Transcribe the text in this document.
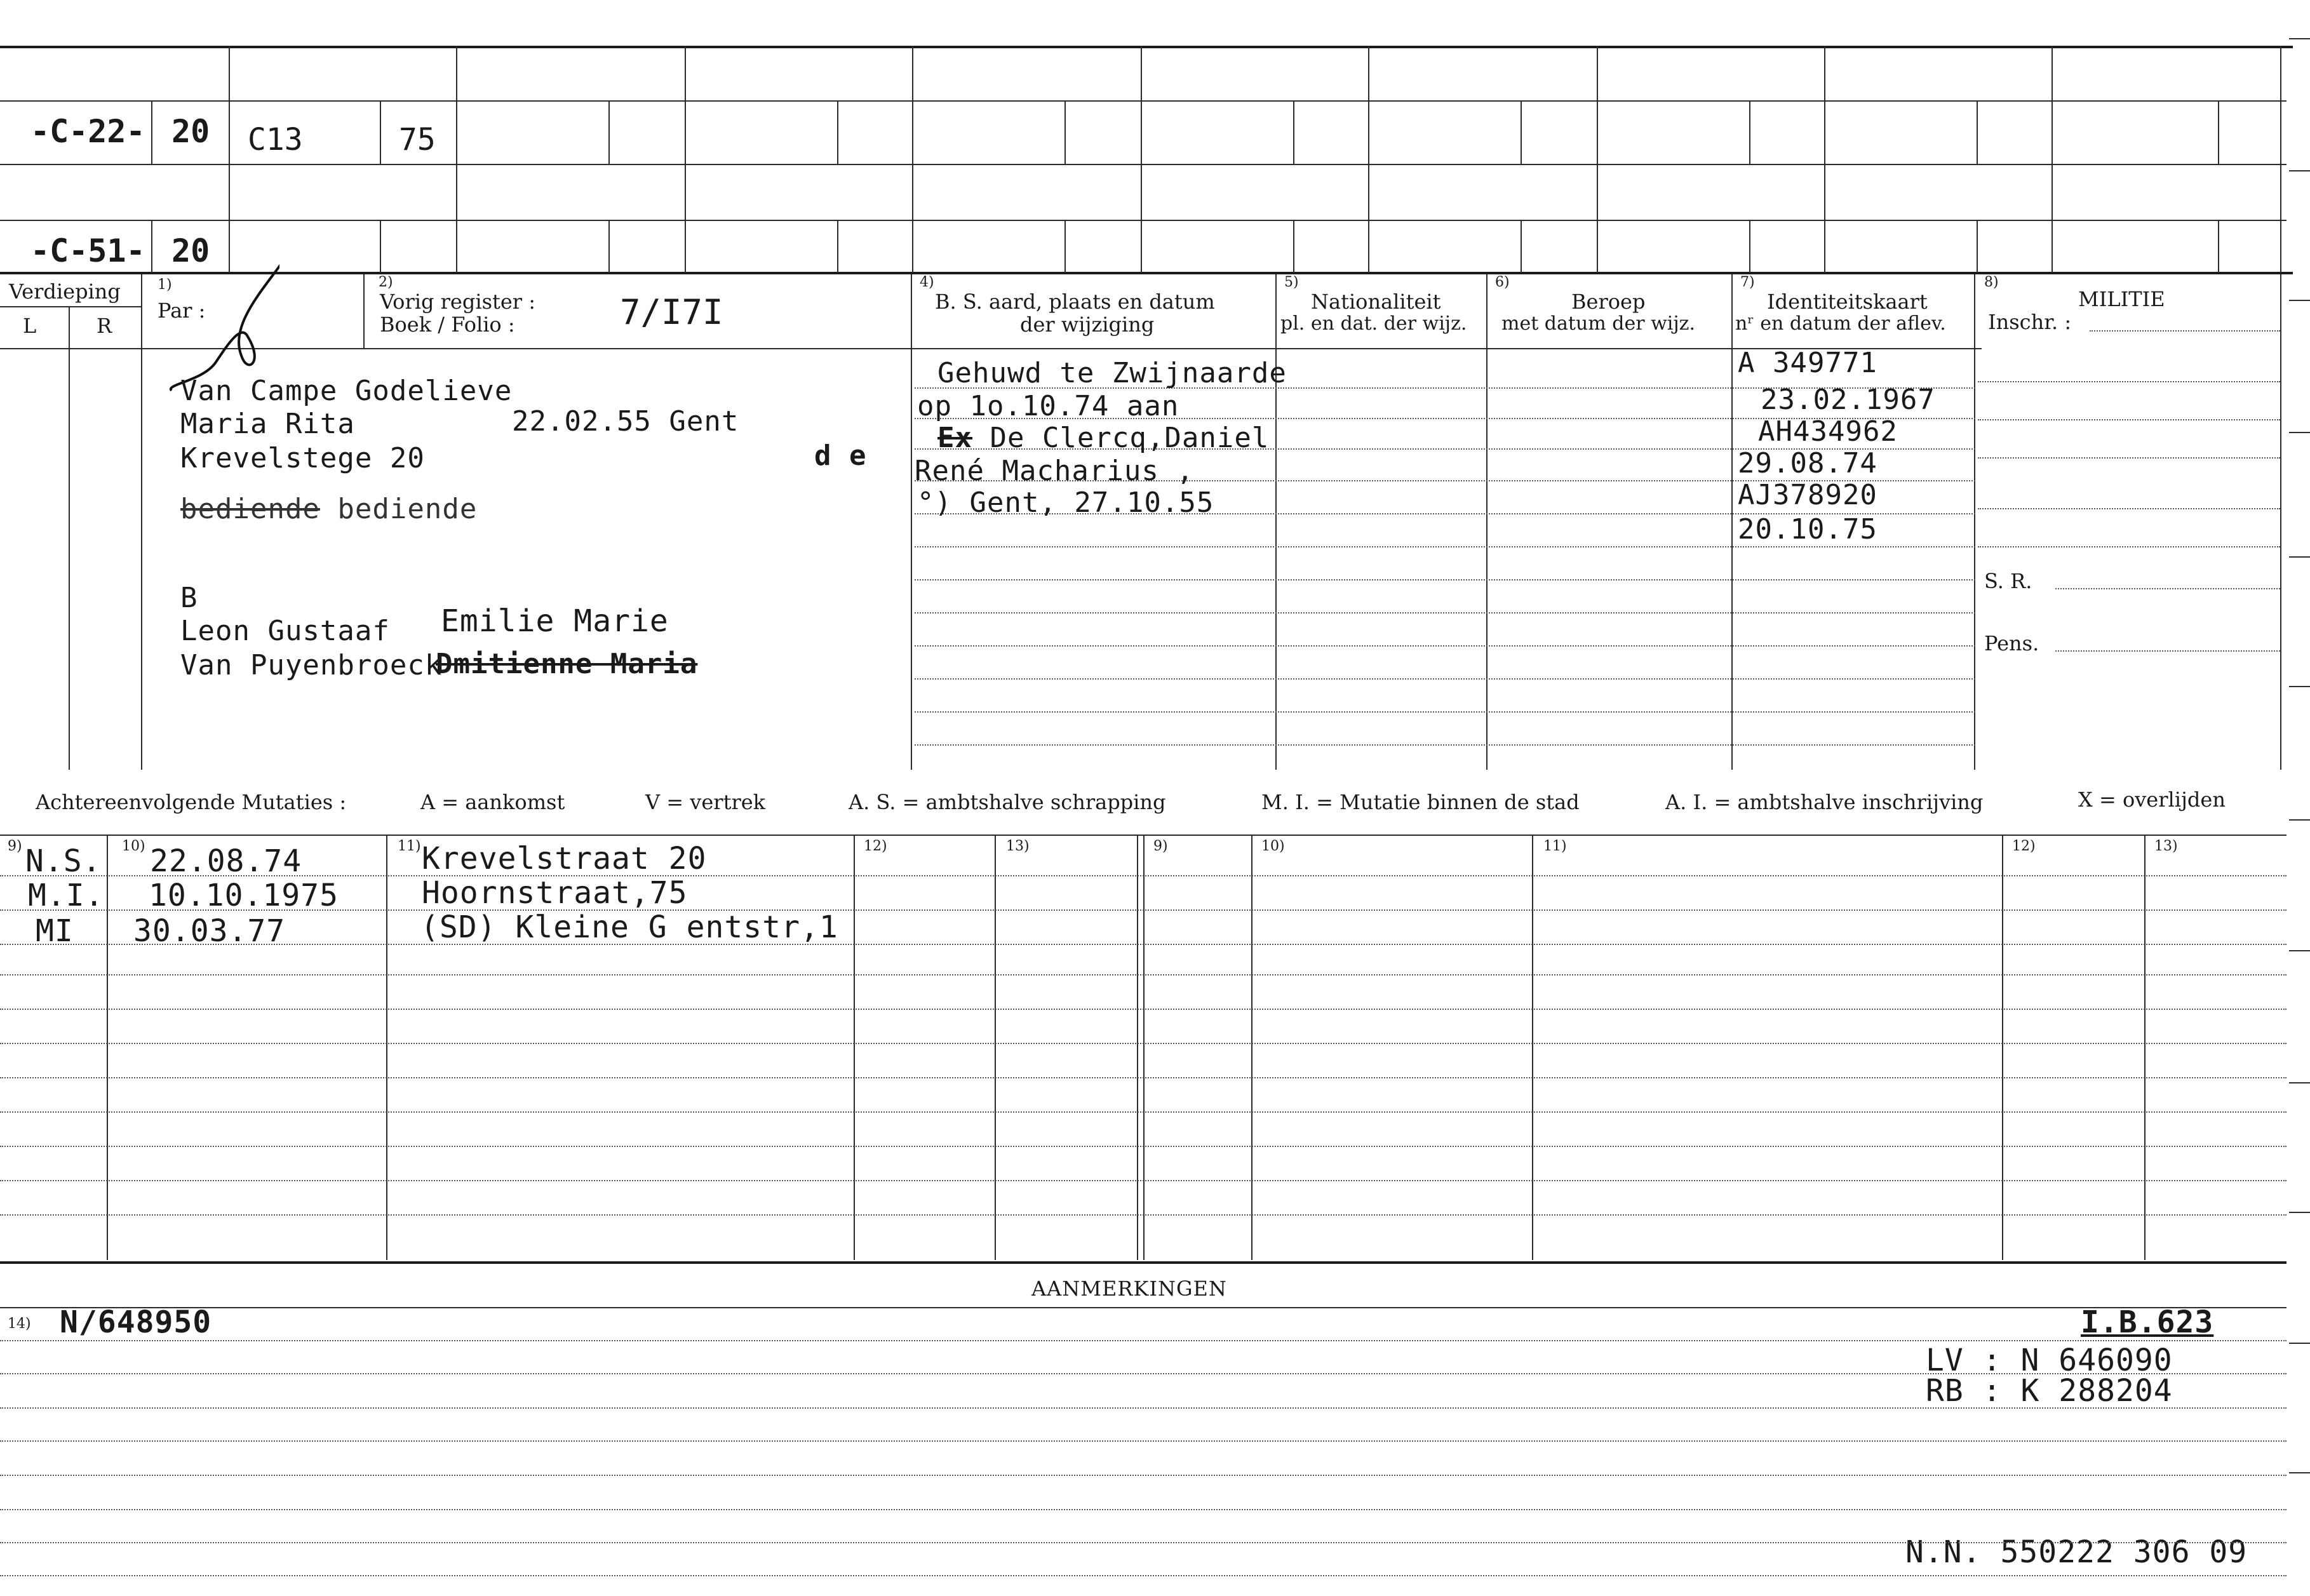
-C-22- 20 C13	75
-C-51- 20
Verdieping
L	R
1)
Par :
2)
Vorig register :
Boek / Folio :	7/I7I
4)
B. S. aard, plaats en datum
der wijziging
5)
Nationaliteit
pl. en dat. der wijz.
6)
Beroep
met datum der wijz.
7)
Identiteitskaart
nʳ en datum der aflev.
8)
MILITIE
Inschr. :
S. R.
Pens.
Van Campe Godelieve
Maria Rita	22.02.55 Gent
Krevelstege 20	d e
bediende bediende
B
Leon Gustaaf Emilie Marie
Van Puyenbroeck
Dmitienne Maria
Gehuwd te Zwijnaarde
op 1o.10.74 aan
Ex De Clercq,Daniel
René Macharius ,
°) Gent, 27.10.55
A 349771
23.02.1967
AH434962
29.08.74
AJ378920
20.10.75
Achtereenvolgende Mutaties :	A = aankomst	V = vertrek	A. S. = ambtshalve schrapping	M. I. = Mutatie binnen de stad	A. I. = ambtshalve inschrijving	X = overlijden
9)	10)	11)	12)	13)	9)	10)	11)	12)	13)
N.S. 22.08.74	Krevelstraat 20
M.I. 10.10.1975	Hoornstraat,75
MI 30.03.77	(SD) Kleine G entstr,1
AANMERKINGEN
14) N/648950	I.B.623
LV : N 646090
RB : K 288204
N.N. 550222 306 09
